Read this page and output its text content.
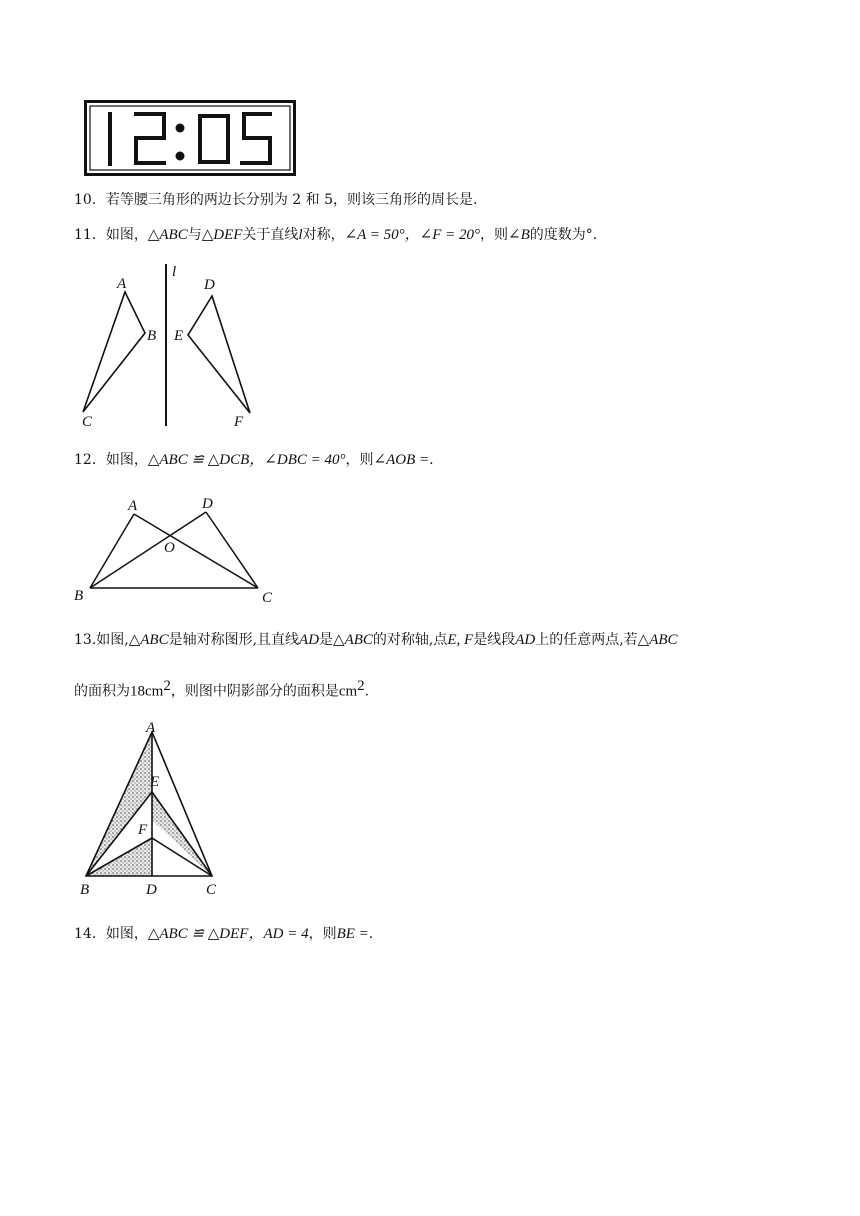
10．若等腰三角形的两边长分别为 2 和 5，则该三角形的周长是.
11．如图，△ABC与△DEF关于直线l对称，∠A = 50°，∠F = 20°，则∠B的度数为°．
A
B
C
l
D
E
F
12．如图，△ABC ≌ △DCB，∠DBC = 40°，则∠AOB =.
A	D
O
B	C
13.如图,△ABC是轴对称图形,且直线AD是△ABC的对称轴,点E, F是线段AD上的任意两点,若△ABC
的面积为$18cm^2$，则图中阴影部分的面积是$cm^2$.
A
E
F
B	D	C
14．如图，△ABC ≌ △DEF，AD = 4，则BE =.
